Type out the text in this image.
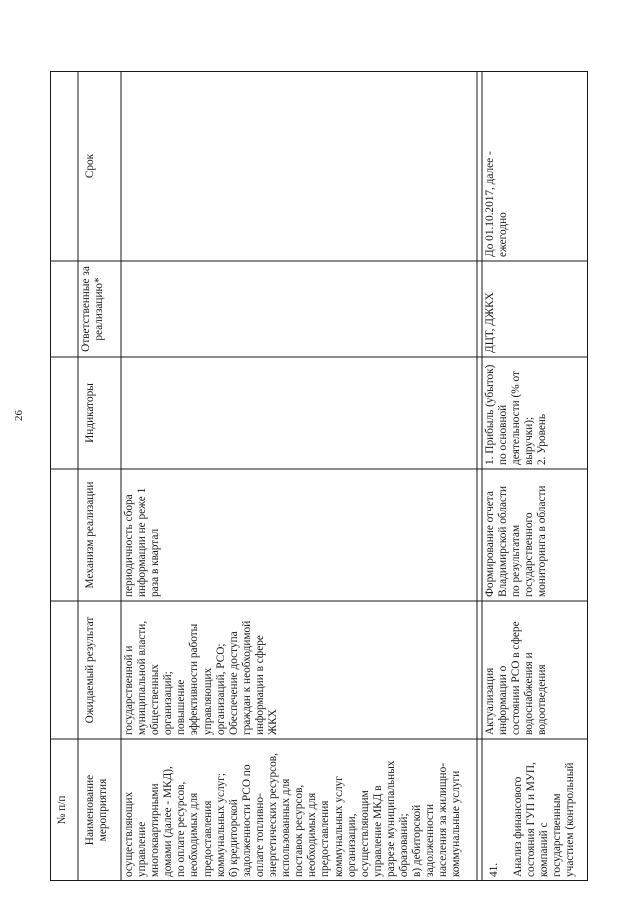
26
№ п/п	Наименование мероприятия
Ожидаемый результат
Механизм реализации
Индикаторы
Ответственные за реализацию*
Срок
осуществляющих управление многоквартирными домами (далее - МКД), по оплате ресурсов, необходимых для предоставления коммунальных услуг; б) кредиторской задолженности РСО по оплате топливно- энергетических ресурсов, использованных для поставок ресурсов, необходимых для предоставления коммунальных услуг организации, осуществляющим управление МКД в разрезе муниципальных образований; в) дебиторской задолженности населения за жилищно- коммунальные услуги
государственной и муниципальной власти, общественных организаций; повышение эффективности работы управляющих организаций, РСО; Обеспечение доступа граждан к необходимой информации в сфере ЖКХ
периодичность сбора информации не реже 1 раза в квартал
41.	Анализ финансового состояния ГУП и МУП, компаний с государственным участием (контрольный
Актуализация информации о состоянии РСО в сфере водоснабжения и водоотведения
Формирование отчета Владимирской области по результатам государственного мониторинга в области
1. Прибыль (убыток) по основной деятельности (% от выручки); 2. Уровень
ДЦТ, ДЖКХ
До 01.10.2017, далее - ежегодно
